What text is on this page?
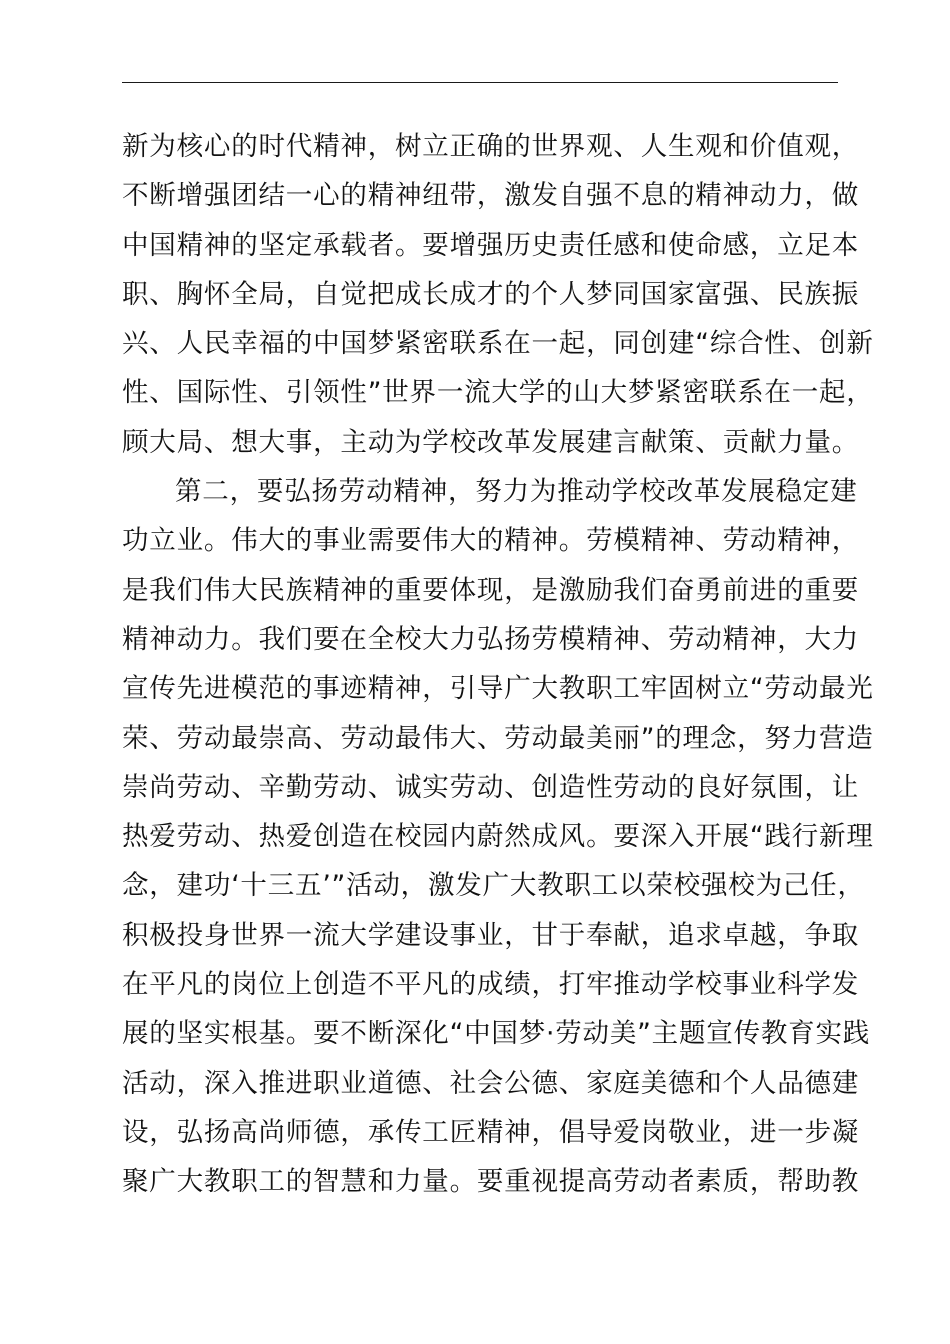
新为核心的时代精神，树立正确的世界观、人生观和价值观，
不断增强团结一心的精神纽带，激发自强不息的精神动力，做
中国精神的坚定承载者。要增强历史责任感和使命感，立足本
职、胸怀全局，自觉把成长成才的个人梦同国家富强、民族振
兴、人民幸福的中国梦紧密联系在一起，同创建“综合性、创新
性、国际性、引领性”世界一流大学的山大梦紧密联系在一起，
顾大局、想大事，主动为学校改革发展建言献策、贡献力量。
第二，要弘扬劳动精神，努力为推动学校改革发展稳定建
功立业。伟大的事业需要伟大的精神。劳模精神、劳动精神，
是我们伟大民族精神的重要体现，是激励我们奋勇前进的重要
精神动力。我们要在全校大力弘扬劳模精神、劳动精神，大力
宣传先进模范的事迹精神，引导广大教职工牢固树立“劳动最光
荣、劳动最崇高、劳动最伟大、劳动最美丽”的理念，努力营造
崇尚劳动、辛勤劳动、诚实劳动、创造性劳动的良好氛围，让
热爱劳动、热爱创造在校园内蔚然成风。要深入开展“践行新理
念，建功‘十三五’”活动，激发广大教职工以荣校强校为己任，
积极投身世界一流大学建设事业，甘于奉献，追求卓越，争取
在平凡的岗位上创造不平凡的成绩，打牢推动学校事业科学发
展的坚实根基。要不断深化“中国梦·劳动美”主题宣传教育实践
活动，深入推进职业道德、社会公德、家庭美德和个人品德建
设，弘扬高尚师德，承传工匠精神，倡导爱岗敬业，进一步凝
聚广大教职工的智慧和力量。要重视提高劳动者素质，帮助教
